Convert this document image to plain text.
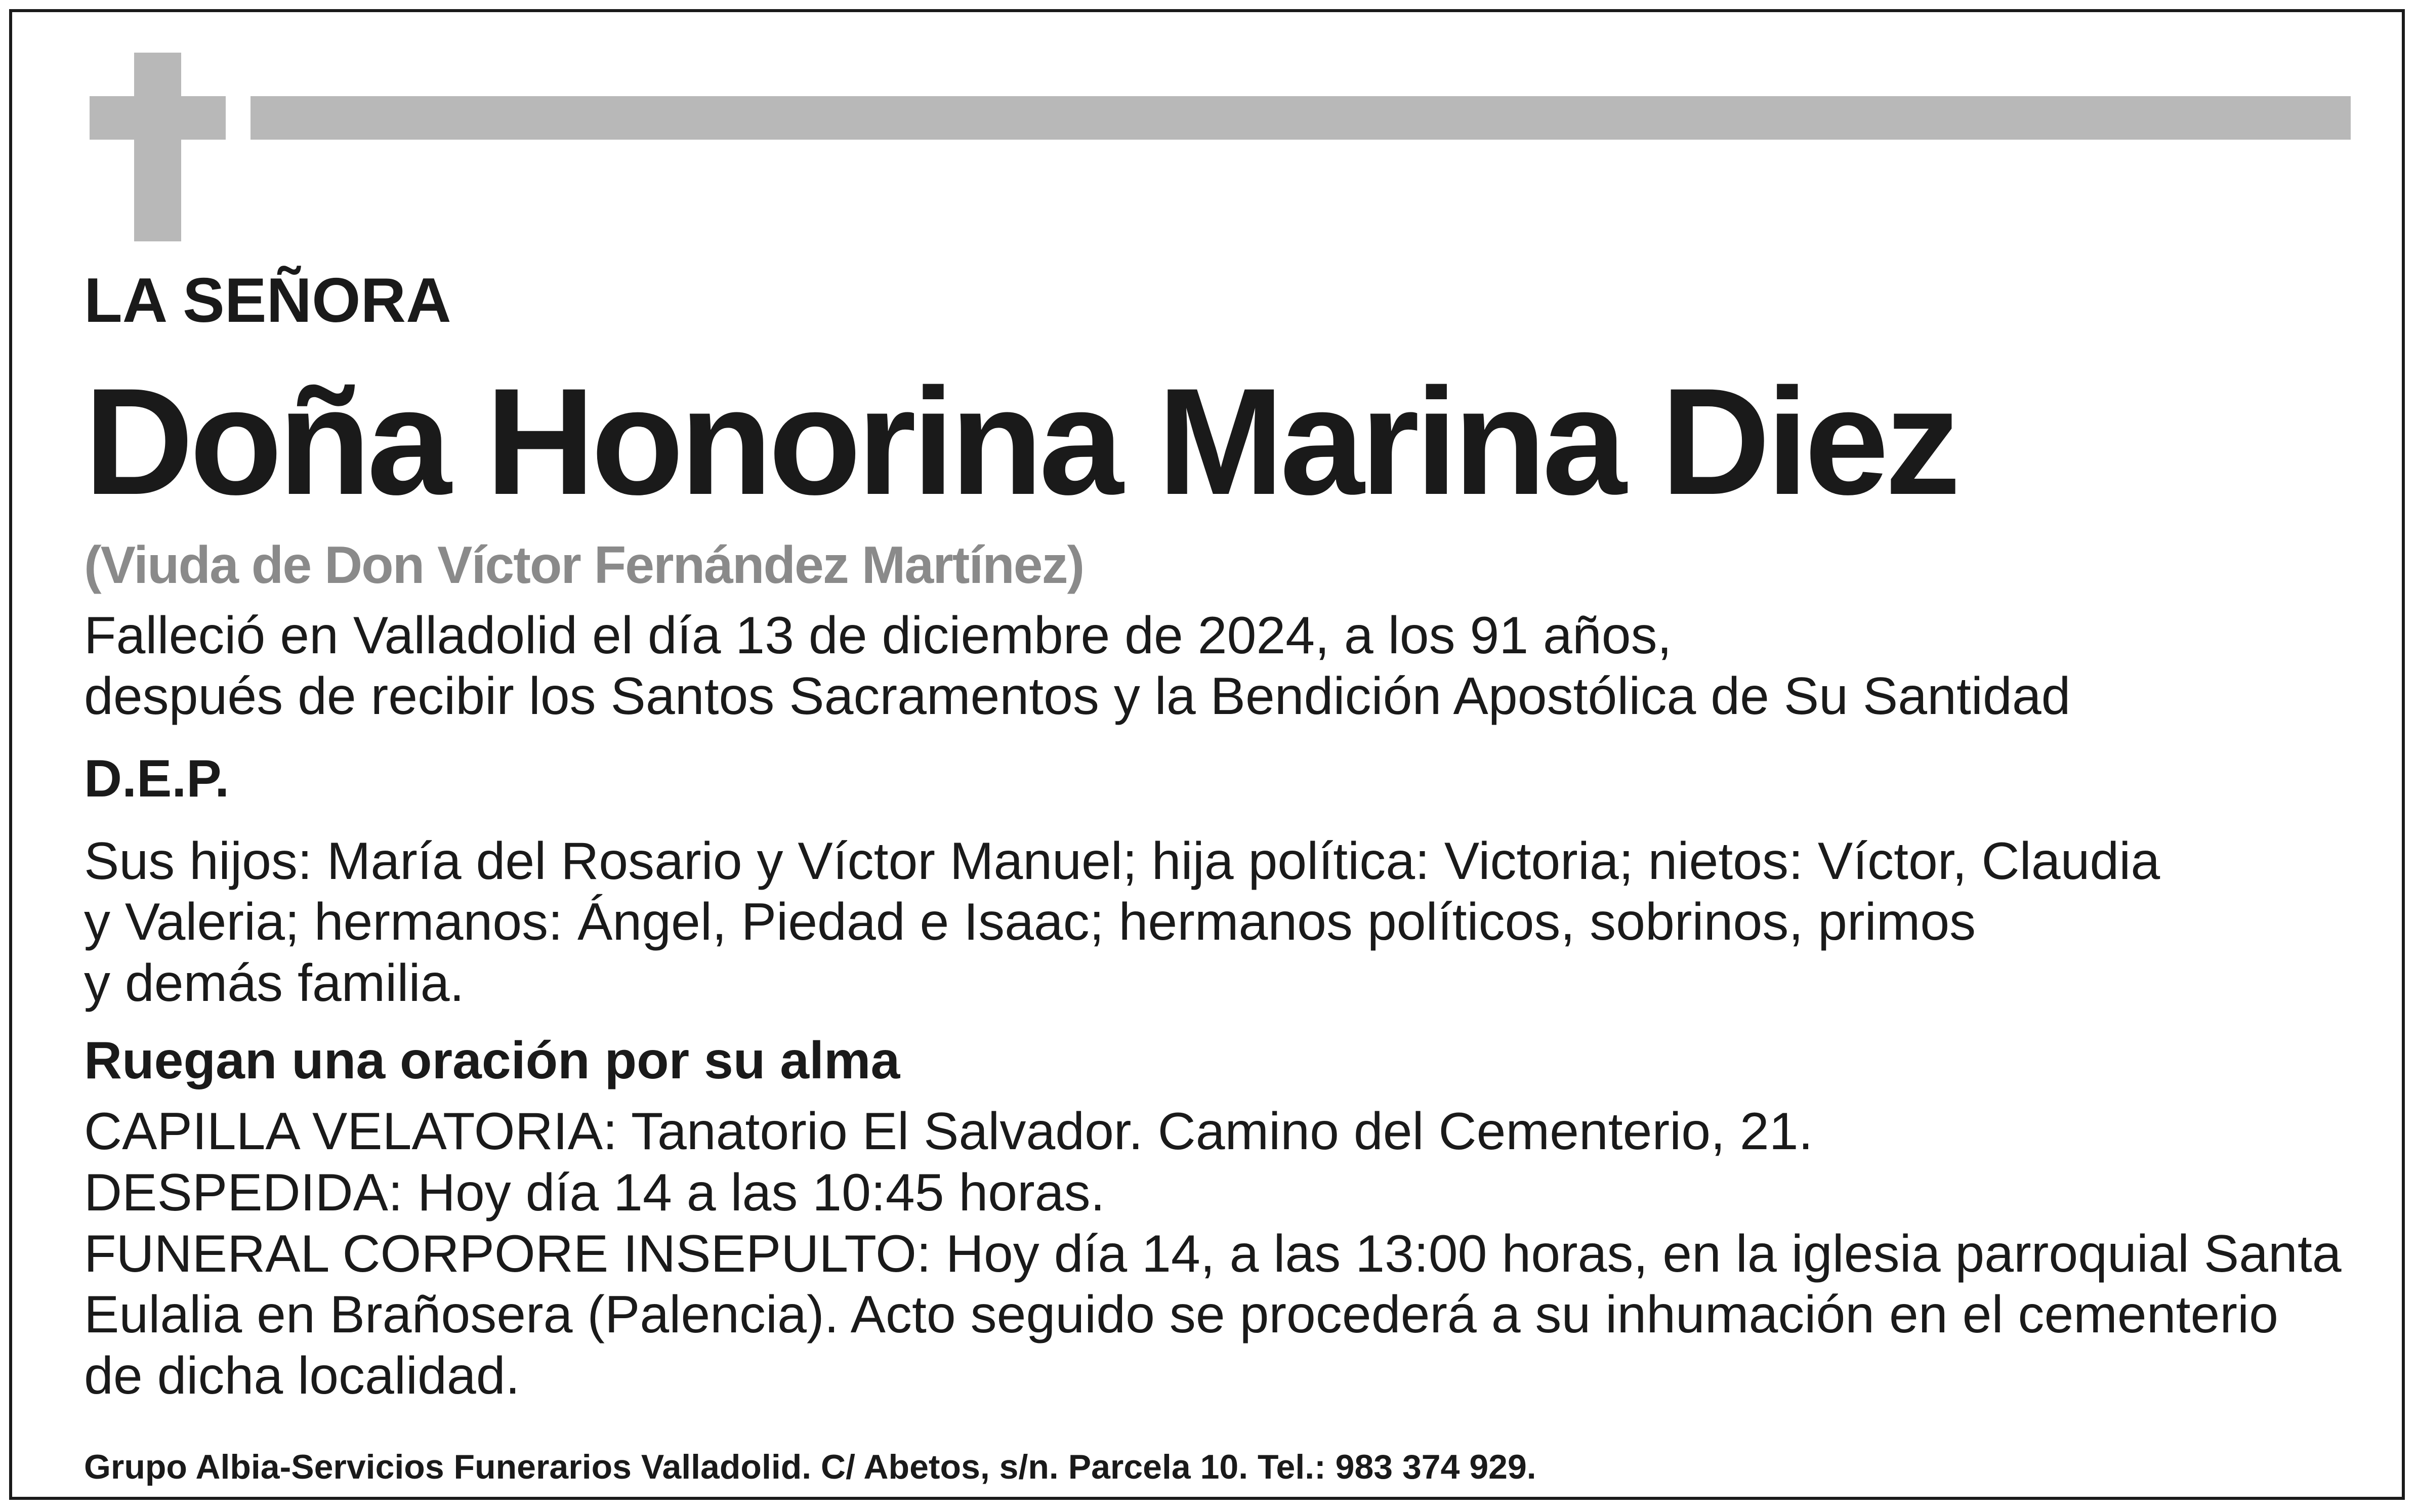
LA SEÑORA

Doña Honorina Marina Diez

(Viuda de Don Víctor Fernández Martínez)

Falleció en Valladolid el día 13 de diciembre de 2024, a los 91 años,

después de recibir los Santos Sacramentos y la Bendición Apostólica de Su Santidad

D.E.P.

Sus hijos: María del Rosario y Víctor Manuel; hija política: Victoria; nietos: Víctor, Claudia

y Valeria; hermanos: Ángel, Piedad e Isaac; hermanos políticos, sobrinos, primos

y demás familia.

Ruegan una oración por su alma

CAPILLA VELATORIA: Tanatorio El Salvador. Camino del Cementerio, 21.

DESPEDIDA: Hoy día 14 a las 10:45 horas.

FUNERAL CORPORE INSEPULTO: Hoy día 14, a las 13:00 horas, en la iglesia parroquial Santa

Eulalia en Brañosera (Palencia). Acto seguido se procederá a su inhumación en el cementerio

de dicha localidad.

Grupo Albia-Servicios Funerarios Valladolid. C/ Abetos, s/n. Parcela 10. Tel.: 983 374 929.
